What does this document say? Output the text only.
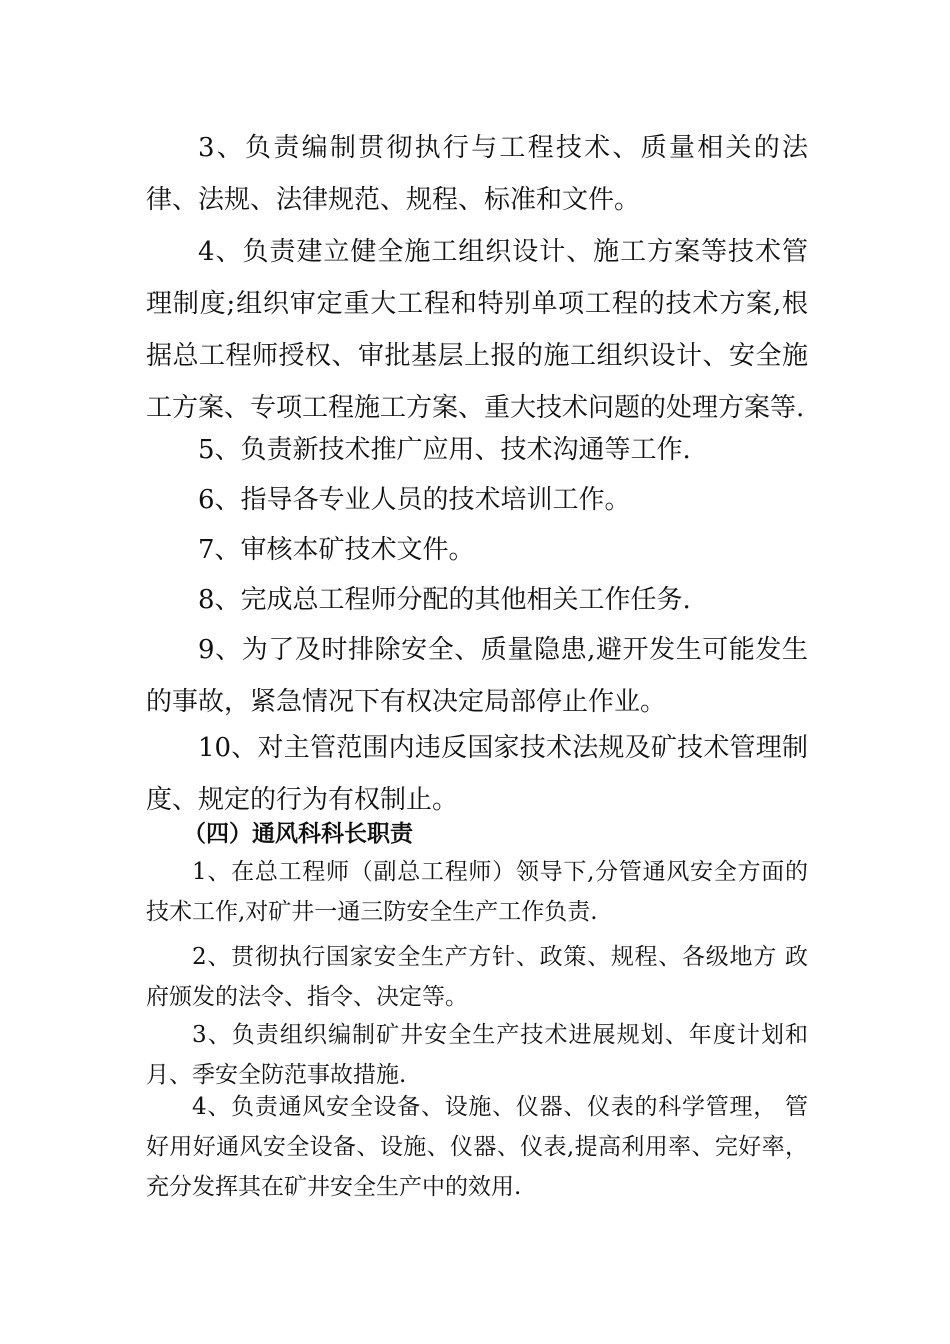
3、负责编制贯彻执行与工程技术、质量相关的法律、法规、法律规范、规程、标准和文件。

4、负责建立健全施工组织设计、施工方案等技术管理制度;组织审定重大工程和特别单项工程的技术方案,根据总工程师授权、审批基层上报的施工组织设计、安全施工方案、专项工程施工方案、重大技术问题的处理方案等.

5、负责新技术推广应用、技术沟通等工作.

6、指导各专业人员的技术培训工作。

7、审核本矿技术文件。

8、完成总工程师分配的其他相关工作任务.

9、为了及时排除安全、质量隐患,避开发生可能发生的事故，紧急情况下有权决定局部停止作业。

10、对主管范围内违反国家技术法规及矿技术管理制度、规定的行为有权制止。

（四）通风科科长职责

1、在总工程师（副总工程师）领导下,分管通风安全方面的技术工作,对矿井一通三防安全生产工作负责.

2、贯彻执行国家安全生产方针、政策、规程、各级地方 政府颁发的法令、指令、决定等。

3、负责组织编制矿井安全生产技术进展规划、年度计划和月、季安全防范事故措施.

4、负责通风安全设备、设施、仪器、仪表的科学管理， 管好用好通风安全设备、设施、仪器、仪表,提高利用率、完好率，充分发挥其在矿井安全生产中的效用.
